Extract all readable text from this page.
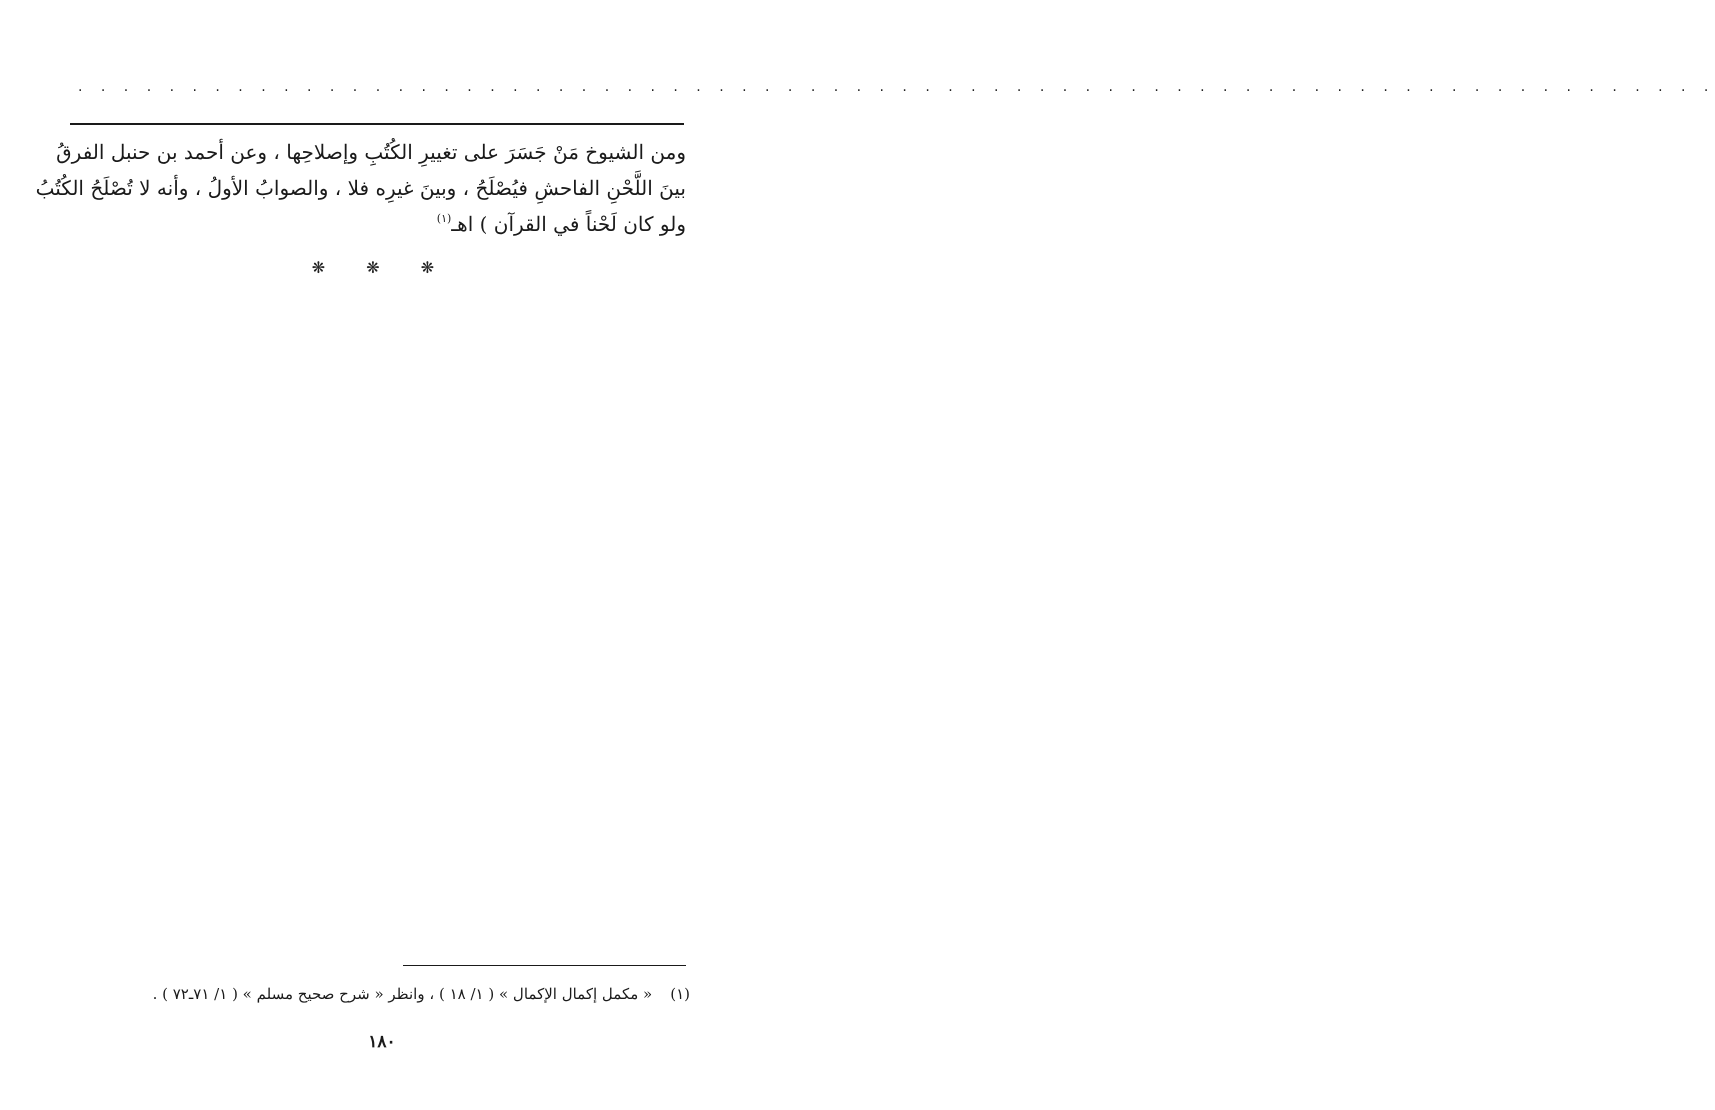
· · · · · · · · · · · · · · · · · · · · · · · · · · · · · · · · · · · · · · · · · · · · · · · · · · · · · · · · · · · · · · · · · · · · · · · ·
ومن الشيوخ مَنْ جَسَرَ على تغييرِ الكُتُبِ وإصلاحِها ، وعن أحمد بن حنبل الفرقُ
بينَ اللَّحْنِ الفاحشِ فيُصْلَحُ ، وبينَ غيرِه فلا ، والصوابُ الأولُ ، وأنه لا تُصْلَحُ الكُتُبُ
ولو كان لَحْناً في القرآن ) اهـ$^{(١)}$
❋ ❋ ❋
(١)« مكمل إكمال الإكمال » ( ١/ ١٨ ) ، وانظر « شرح صحيح مسلم » ( ١/ ٧١ـ٧٢ ) .
١٨٠
